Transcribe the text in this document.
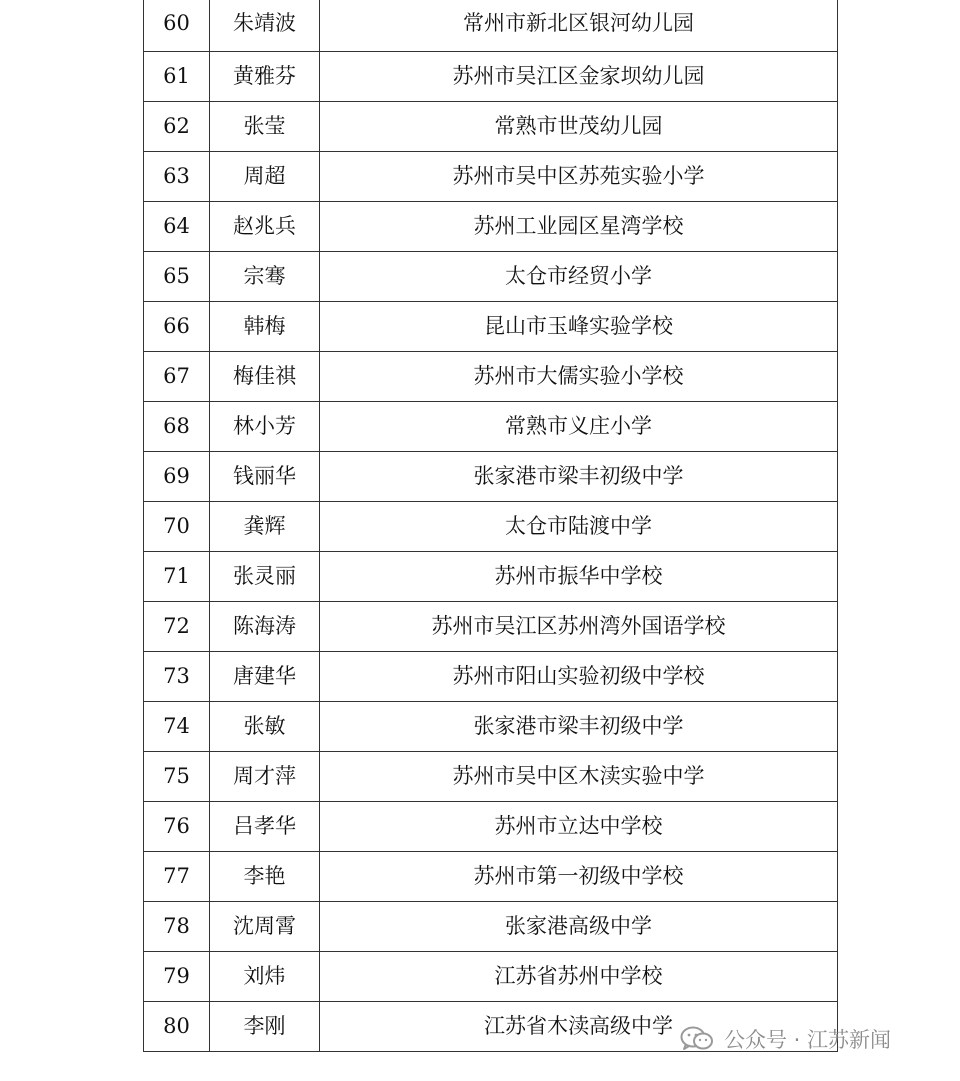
60	朱靖波	常州市新北区银河幼儿园
61	黄雅芬	苏州市吴江区金家坝幼儿园
62	张莹	常熟市世茂幼儿园
63	周超	苏州市吴中区苏苑实验小学
64	赵兆兵	苏州工业园区星湾学校
65	宗骞	太仓市经贸小学
66	韩梅	昆山市玉峰实验学校
67	梅佳祺	苏州市大儒实验小学校
68	林小芳	常熟市义庄小学
69	钱丽华	张家港市梁丰初级中学
70	龚辉	太仓市陆渡中学
71	张灵丽	苏州市振华中学校
72	陈海涛	苏州市吴江区苏州湾外国语学校
73	唐建华	苏州市阳山实验初级中学校
74	张敏	张家港市梁丰初级中学
75	周才萍	苏州市吴中区木渎实验中学
76	吕孝华	苏州市立达中学校
77	李艳	苏州市第一初级中学校
78	沈周霄	张家港高级中学
79	刘炜	江苏省苏州中学校
80	李刚	江苏省木渎高级中学
公众号 · 江苏新闻
